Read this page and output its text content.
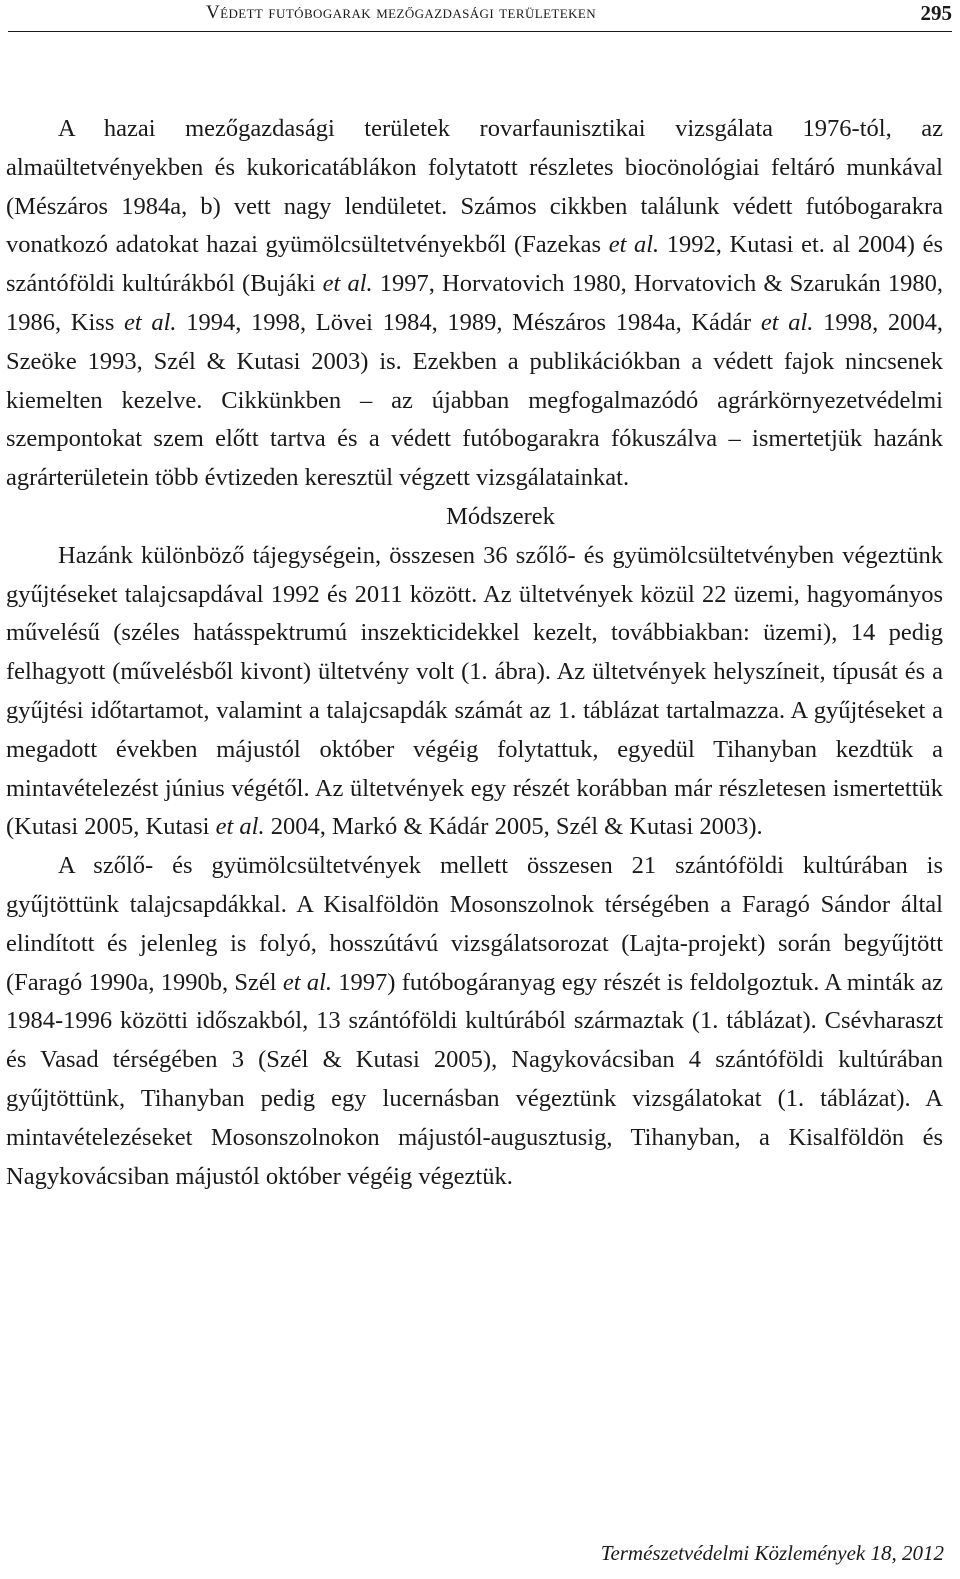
Védett futóbogarak mezőgazdasági területeken	295

A hazai mezőgazdasági területek rovarfaunisztikai vizsgálata 1976-tól, az almaültetvényekben és kukoricatáblákon folytatott részletes biocönológiai feltáró munkával (Mészáros 1984a, b) vett nagy lendületet. Számos cikkben találunk védett futóbogarakra vonatkozó adatokat hazai gyümölcsültetvényekből (Fazekas et al. 1992, Kutasi et. al 2004) és szántóföldi kultúrákból (Bujáki et al. 1997, Horvatovich 1980, Horvatovich & Szarukán 1980, 1986, Kiss et al. 1994, 1998, Lövei 1984, 1989, Mészáros 1984a, Kádár et al. 1998, 2004, Szeöke 1993, Szél & Kutasi 2003) is. Ezekben a publikációkban a védett fajok nincsenek kiemelten kezelve. Cikkünkben – az újabban megfogalmazódó agrárkörnyezetvédelmi szempontokat szem előtt tartva és a védett futóbogarakra fókuszálva – ismertetjük hazánk agrárterületein több évtizeden keresztül végzett vizsgálatainkat.

Módszerek

Hazánk különböző tájegységein, összesen 36 szőlő- és gyümölcsültetvényben végeztünk gyűjtéseket talajcsapdával 1992 és 2011 között. Az ültetvények közül 22 üzemi, hagyományos művelésű (széles hatásspektrumú inszekticidekkel kezelt, továbbiakban: üzemi), 14 pedig felhagyott (művelésből kivont) ültetvény volt (1. ábra). Az ültetvények helyszíneit, típusát és a gyűjtési időtartamot, valamint a talajcsapdák számát az 1. táblázat tartalmazza. A gyűjtéseket a megadott években májustól október végéig folytattuk, egyedül Tihanyban kezdtük a mintavételezést június végétől. Az ültetvények egy részét korábban már részletesen ismertettük (Kutasi 2005, Kutasi et al. 2004, Markó & Kádár 2005, Szél & Kutasi 2003).

A szőlő- és gyümölcsültetvények mellett összesen 21 szántóföldi kultúrában is gyűjtöttünk talajcsapdákkal. A Kisalföldön Mosonszolnok térségében a Faragó Sándor által elindított és jelenleg is folyó, hosszútávú vizsgálatsorozat (Lajta-projekt) során begyűjtött (Faragó 1990a, 1990b, Szél et al. 1997) futóbogáranyag egy részét is feldolgoztuk. A minták az 1984-1996 közötti időszakból, 13 szántóföldi kultúrából származtak (1. táblázat). Csévharaszt és Vasad térségében 3 (Szél & Kutasi 2005), Nagykovácsiban 4 szántóföldi kultúrában gyűjtöttünk, Tihanyban pedig egy lucernásban végeztünk vizsgálatokat (1. táblázat). A mintavételezéseket Mosonszolnokon májustól-augusztusig, Tihanyban, a Kisalföldön és Nagykovácsiban májustól október végéig végeztük.

Természetvédelmi Közlemények 18, 2012
